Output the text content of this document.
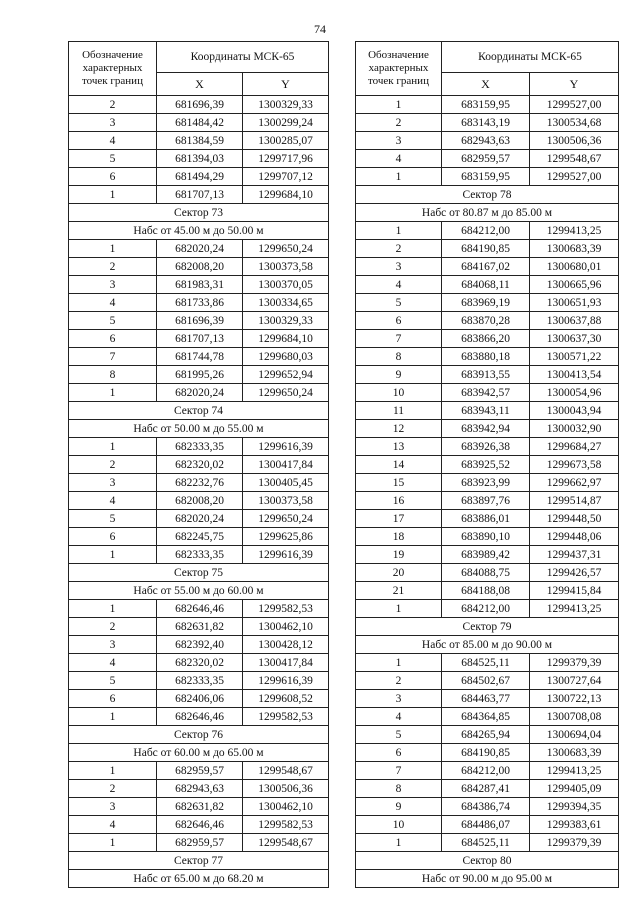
74
Обозначение характерных точек границ	Координаты МСК-65	
	X	Y
2	681696,39	1300329,33
3	681484,42	1300299,24
4	681384,59	1300285,07
5	681394,03	1299717,96
6	681494,29	1299707,12
1	681707,13	1299684,10
Сектор 73		
Набс от 45.00 м до 50.00 м		
1	682020,24	1299650,24
2	682008,20	1300373,58
3	681983,31	1300370,05
4	681733,86	1300334,65
5	681696,39	1300329,33
6	681707,13	1299684,10
7	681744,78	1299680,03
8	681995,26	1299652,94
1	682020,24	1299650,24
Сектор 74		
Набс от 50.00 м до 55.00 м		
1	682333,35	1299616,39
2	682320,02	1300417,84
3	682232,76	1300405,45
4	682008,20	1300373,58
5	682020,24	1299650,24
6	682245,75	1299625,86
1	682333,35	1299616,39
Сектор 75		
Набс от 55.00 м до 60.00 м		
1	682646,46	1299582,53
2	682631,82	1300462,10
3	682392,40	1300428,12
4	682320,02	1300417,84
5	682333,35	1299616,39
6	682406,06	1299608,52
1	682646,46	1299582,53
Сектор 76		
Набс от 60.00 м до 65.00 м		
1	682959,57	1299548,67
2	682943,63	1300506,36
3	682631,82	1300462,10
4	682646,46	1299582,53
1	682959,57	1299548,67
Сектор 77		
Набс от 65.00 м до 68.20 м		
Обозначение характерных точек границ	Координаты МСК-65	
	X	Y
1	683159,95	1299527,00
2	683143,19	1300534,68
3	682943,63	1300506,36
4	682959,57	1299548,67
1	683159,95	1299527,00
Сектор 78		
Набс от 80.87 м до 85.00 м		
1	684212,00	1299413,25
2	684190,85	1300683,39
3	684167,02	1300680,01
4	684068,11	1300665,96
5	683969,19	1300651,93
6	683870,28	1300637,88
7	683866,20	1300637,30
8	683880,18	1300571,22
9	683913,55	1300413,54
10	683942,57	1300054,96
11	683943,11	1300043,94
12	683942,94	1300032,90
13	683926,38	1299684,27
14	683925,52	1299673,58
15	683923,99	1299662,97
16	683897,76	1299514,87
17	683886,01	1299448,50
18	683890,10	1299448,06
19	683989,42	1299437,31
20	684088,75	1299426,57
21	684188,08	1299415,84
1	684212,00	1299413,25
Сектор 79		
Набс от 85.00 м до 90.00 м		
1	684525,11	1299379,39
2	684502,67	1300727,64
3	684463,77	1300722,13
4	684364,85	1300708,08
5	684265,94	1300694,04
6	684190,85	1300683,39
7	684212,00	1299413,25
8	684287,41	1299405,09
9	684386,74	1299394,35
10	684486,07	1299383,61
1	684525,11	1299379,39
Сектор 80		
Набс от 90.00 м до 95.00 м		
